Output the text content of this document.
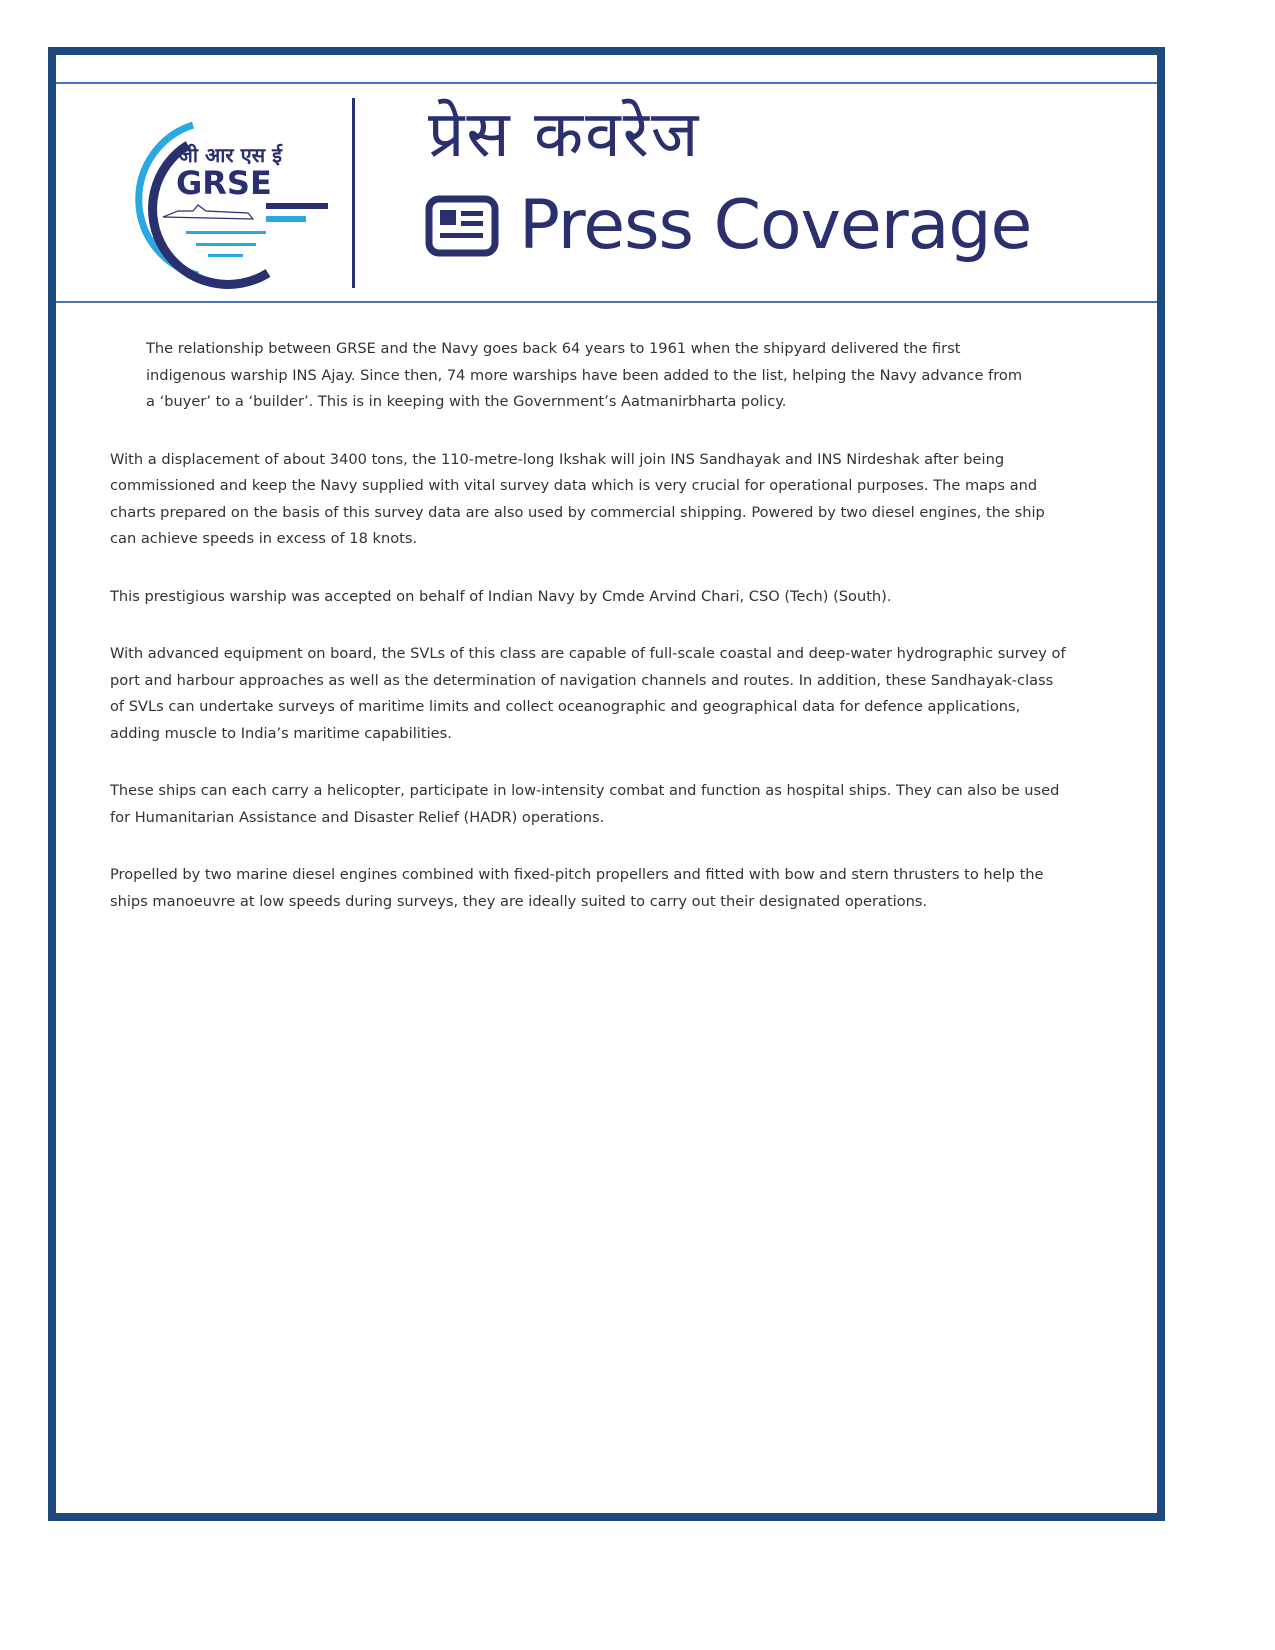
जी आर एस ई
GRSE
प्रेस कवरेज
Press Coverage

The relationship between GRSE and the Navy goes back 64 years to 1961 when the shipyard delivered the first indigenous warship INS Ajay. Since then, 74 more warships have been added to the list, helping the Navy advance from a ‘buyer’ to a ‘builder’. This is in keeping with the Government’s Aatmanirbharta policy.

With a displacement of about 3400 tons, the 110-metre-long Ikshak will join INS Sandhayak and INS Nirdeshak after being commissioned and keep the Navy supplied with vital survey data which is very crucial for operational purposes. The maps and charts prepared on the basis of this survey data are also used by commercial shipping. Powered by two diesel engines, the ship can achieve speeds in excess of 18 knots.

This prestigious warship was accepted on behalf of Indian Navy by Cmde Arvind Chari, CSO (Tech) (South).

With advanced equipment on board, the SVLs of this class are capable of full-scale coastal and deep-water hydrographic survey of port and harbour approaches as well as the determination of navigation channels and routes. In addition, these Sandhayak-class of SVLs can undertake surveys of maritime limits and collect oceanographic and geographical data for defence applications, adding muscle to India’s maritime capabilities.

These ships can each carry a helicopter, participate in low-intensity combat and function as hospital ships. They can also be used for Humanitarian Assistance and Disaster Relief (HADR) operations.

Propelled by two marine diesel engines combined with fixed-pitch propellers and fitted with bow and stern thrusters to help the ships manoeuvre at low speeds during surveys, they are ideally suited to carry out their designated operations.
